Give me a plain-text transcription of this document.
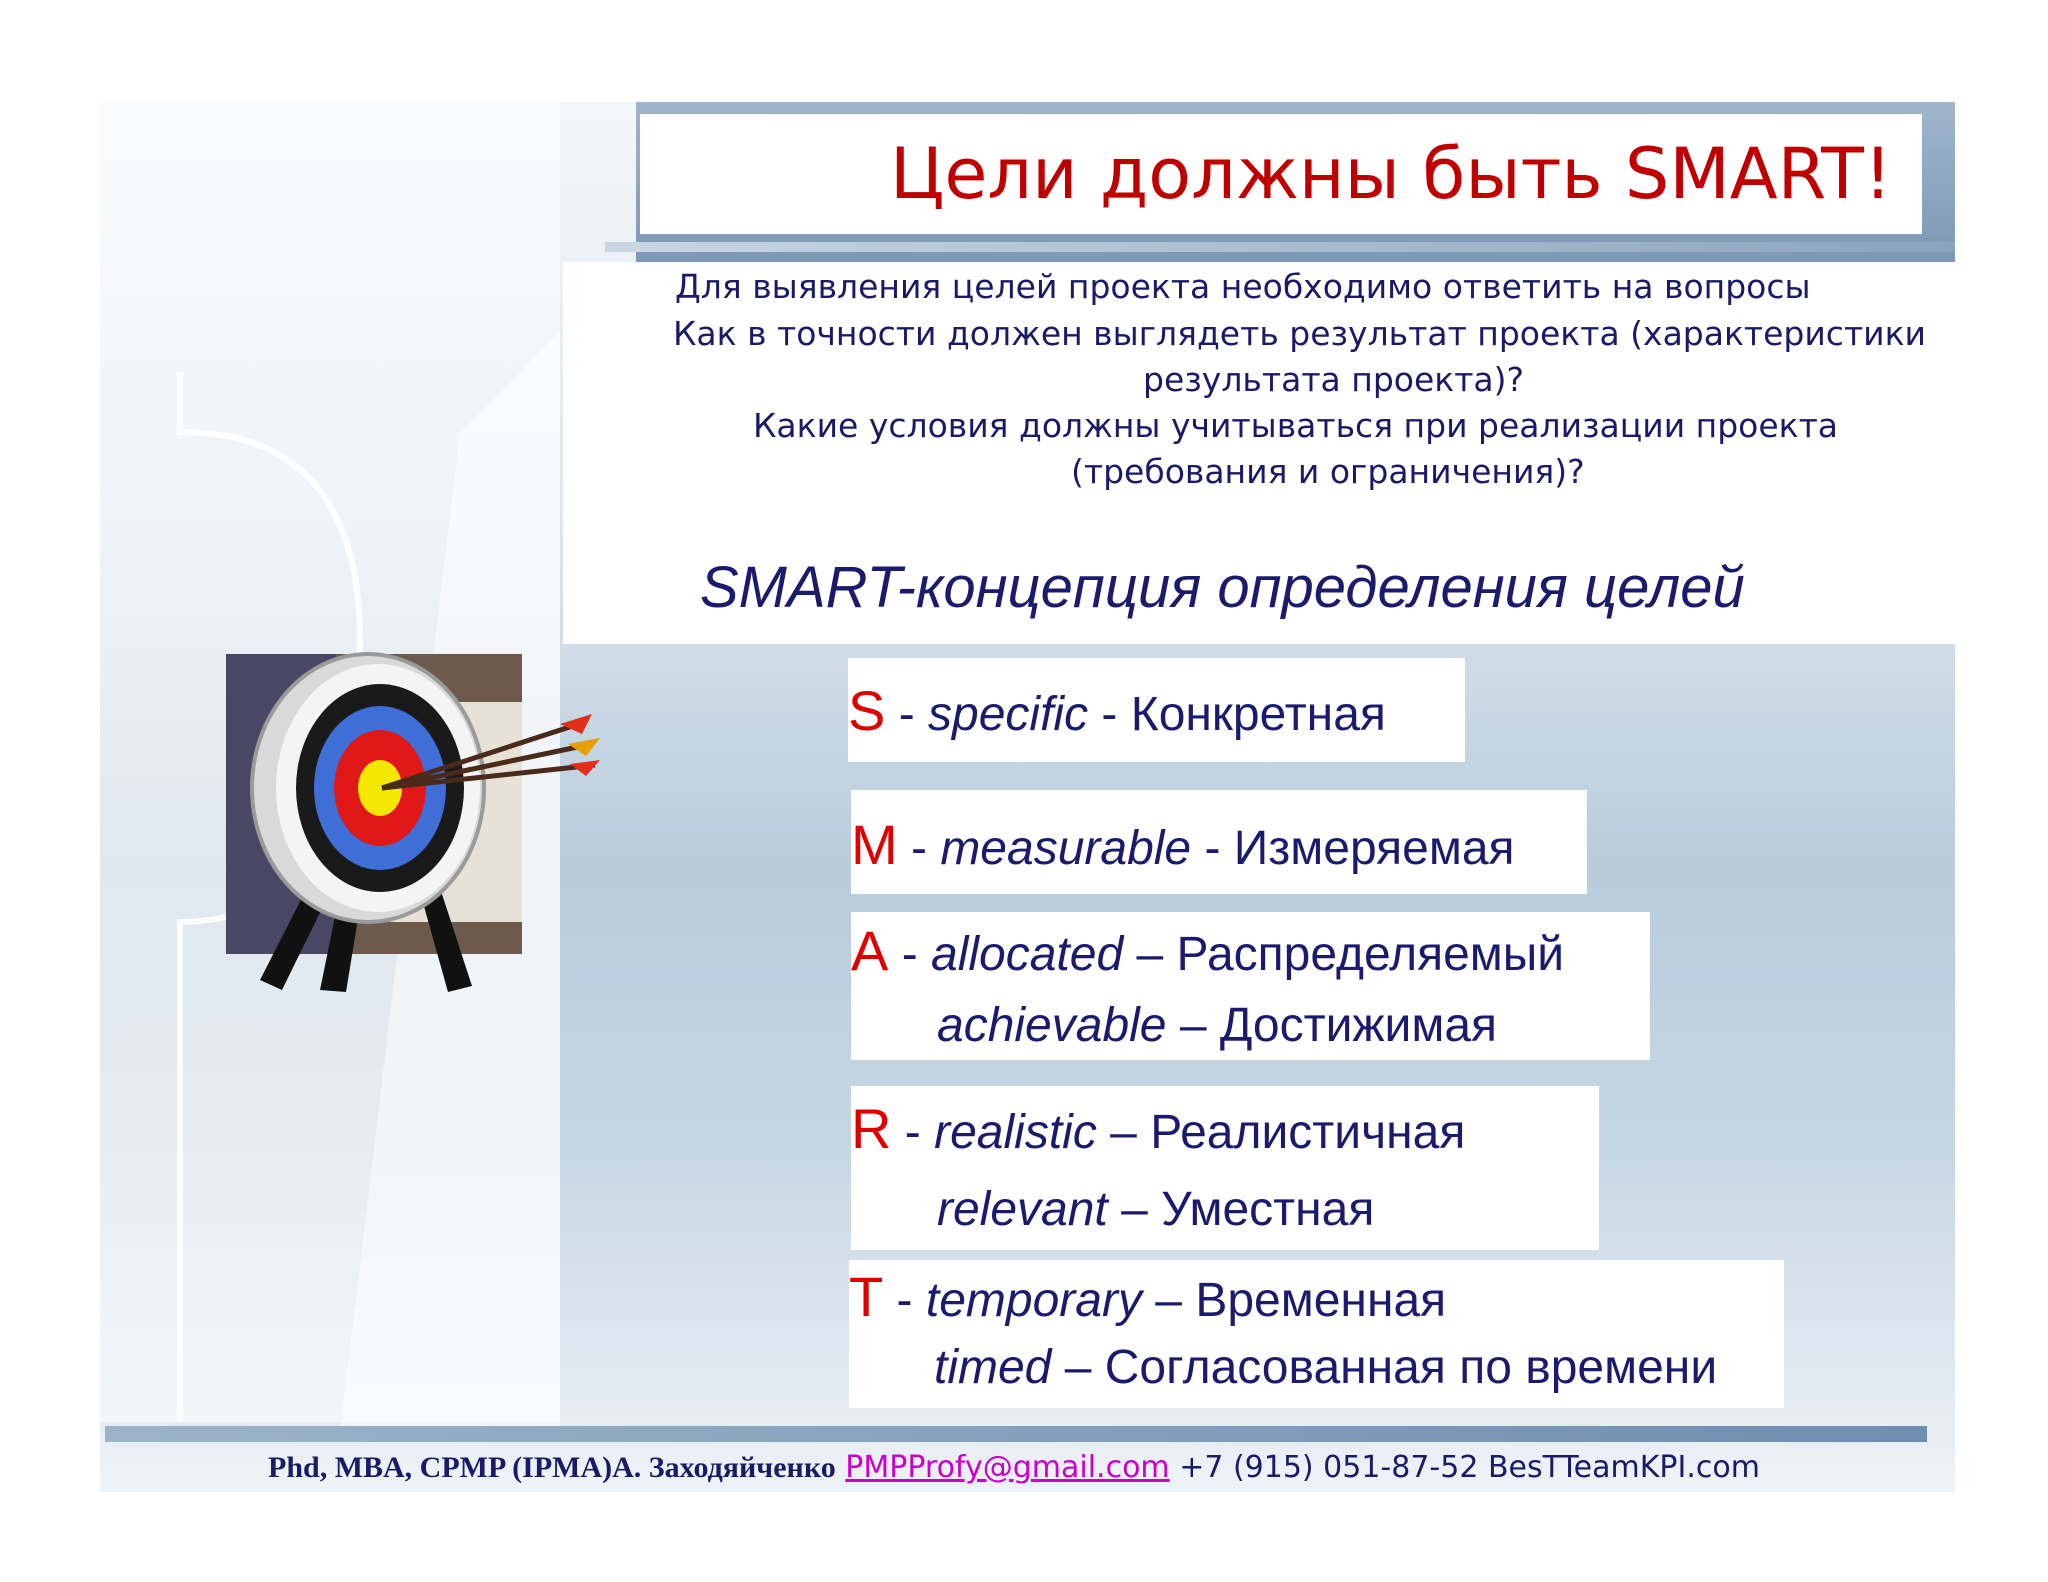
Цели должны быть SMART!
Для выявления целей проекта необходимо ответить на вопросы
Как в точности должен выглядеть результат проекта (характеристики
результата проекта)?
Какие условия должны учитываться при реализации проекта
(требования и ограничения)?
SMART-концепция определения целей
S - specific - Конкретная
M - measurable - Измеряемая
A - allocated – Распределяемый
achievable – Достижимая
R - realistic – Реалистичная
relevant – Уместная
T - temporary – Временная
timed – Согласованная по времени
Phd, MBA, CPMP (IPMA)А. Заходяйченко PMPProfy@gmail.com +7 (915) 051-87-52 BesTTeamKPI.com
